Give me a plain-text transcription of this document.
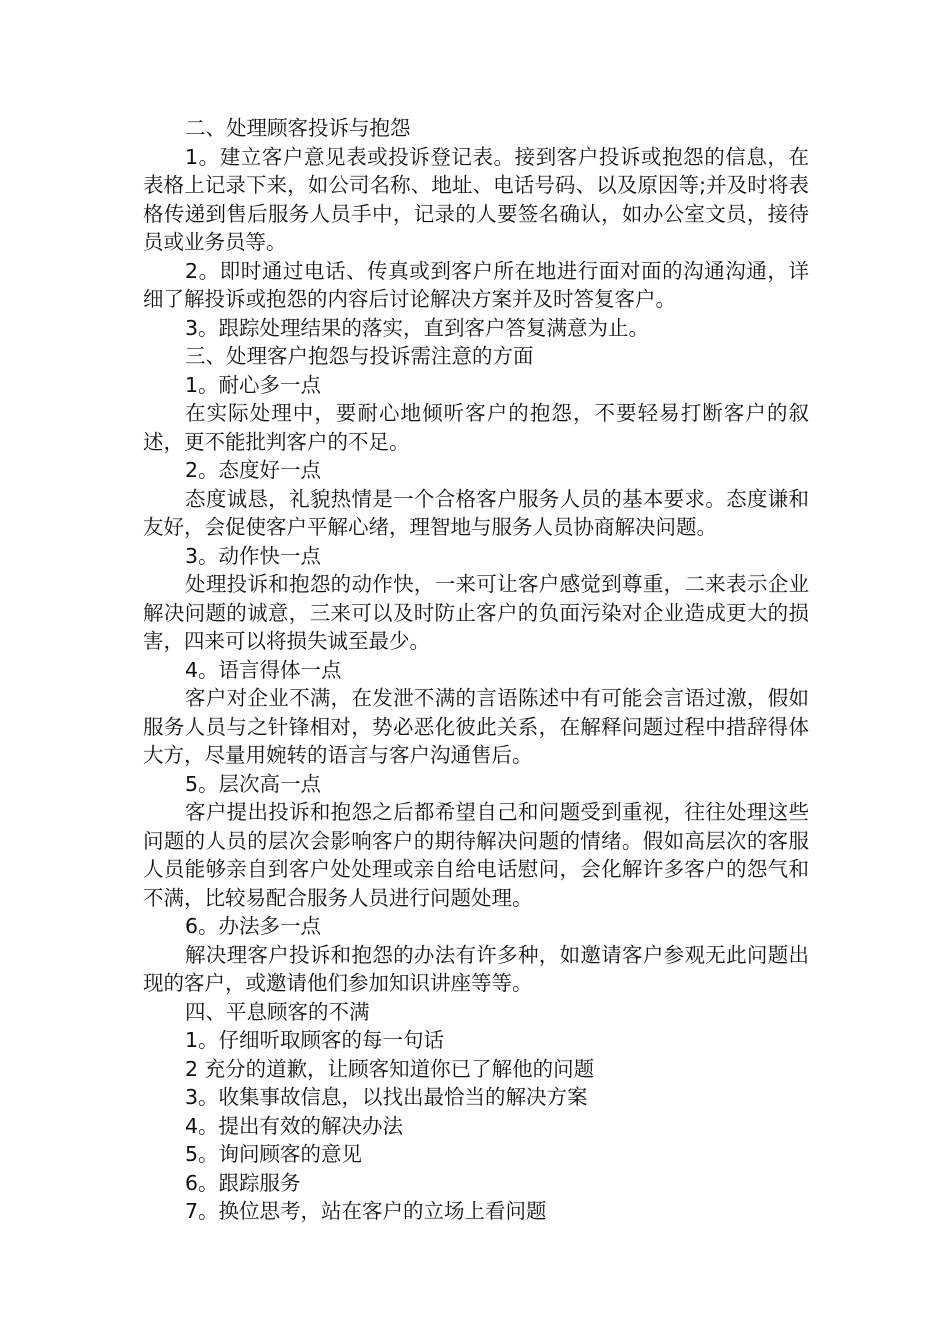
二、处理顾客投诉与抱怨

1。建立客户意见表或投诉登记表。接到客户投诉或抱怨的信息，在表格上记录下来，如公司名称、地址、电话号码、以及原因等;并及时将表格传递到售后服务人员手中，记录的人要签名确认，如办公室文员，接待员或业务员等。

2。即时通过电话、传真或到客户所在地进行面对面的沟通沟通，详细了解投诉或抱怨的内容后讨论解决方案并及时答复客户。

3。跟踪处理结果的落实，直到客户答复满意为止。

三、处理客户抱怨与投诉需注意的方面

1。耐心多一点

在实际处理中，要耐心地倾听客户的抱怨，不要轻易打断客户的叙述，更不能批判客户的不足。

2。态度好一点

态度诚恳，礼貌热情是一个合格客户服务人员的基本要求。态度谦和友好，会促使客户平解心绪，理智地与服务人员协商解决问题。

3。动作快一点

处理投诉和抱怨的动作快，一来可让客户感觉到尊重，二来表示企业解决问题的诚意，三来可以及时防止客户的负面污染对企业造成更大的损害，四来可以将损失诚至最少。

4。语言得体一点

客户对企业不满，在发泄不满的言语陈述中有可能会言语过激，假如服务人员与之针锋相对，势必恶化彼此关系，在解释问题过程中措辞得体大方，尽量用婉转的语言与客户沟通售后。

5。层次高一点

客户提出投诉和抱怨之后都希望自己和问题受到重视，往往处理这些问题的人员的层次会影响客户的期待解决问题的情绪。假如高层次的客服人员能够亲自到客户处处理或亲自给电话慰问，会化解许多客户的怨气和不满，比较易配合服务人员进行问题处理。

6。办法多一点

解决理客户投诉和抱怨的办法有许多种，如邀请客户参观无此问题出现的客户，或邀请他们参加知识讲座等等。

四、平息顾客的不满

1。仔细听取顾客的每一句话

2 充分的道歉，让顾客知道你已了解他的问题

3。收集事故信息，以找出最恰当的解决方案

4。提出有效的解决办法

5。询问顾客的意见

6。跟踪服务

7。换位思考，站在客户的立场上看问题
